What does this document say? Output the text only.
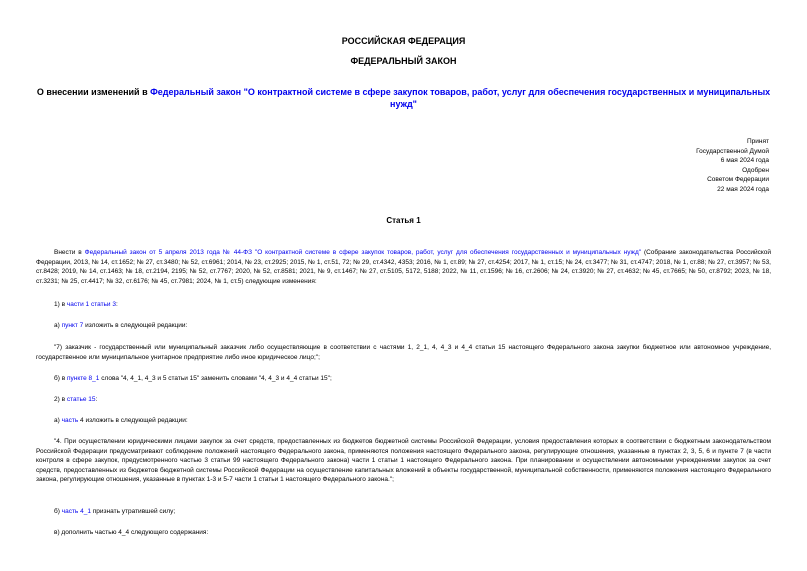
РОССИЙСКАЯ ФЕДЕРАЦИЯ
ФЕДЕРАЛЬНЫЙ ЗАКОН
О внесении изменений в Федеральный закон "О контрактной системе в сфере закупок товаров, работ, услуг для обеспечения государственных и муниципальных нужд"
Принят
Государственной Думой
6 мая 2024 года
Одобрен
Советом Федерации
22 мая 2024 года
Статья 1
Внести в Федеральный закон от 5 апреля 2013 года № 44-ФЗ "О контрактной системе в сфере закупок товаров, работ, услуг для обеспечения государственных и муниципальных нужд" (Собрание законодательства Российской Федерации, 2013, № 14, ст.1652; № 27, ст.3480; № 52, ст.6961; 2014, № 23, ст.2925; 2015, № 1, ст.51, 72; № 29, ст.4342, 4353; 2016, № 1, ст.89; № 27, ст.4254; 2017, № 1, ст.15; № 24, ст.3477; № 31, ст.4747; 2018, № 1, ст.88; № 27, ст.3957; № 53, ст.8428; 2019, № 14, ст.1463; № 18, ст.2194, 2195; № 52, ст.7767; 2020, № 52, ст.8581; 2021, № 9, ст.1467; № 27, ст.5105, 5172, 5188; 2022, № 11, ст.1596; № 16, ст.2606; № 24, ст.3920; № 27, ст.4632; № 45, ст.7665; № 50, ст.8792; 2023, № 18, ст.3231; № 25, ст.4417; № 32, ст.6176; № 45, ст.7981; 2024, № 1, ст.5) следующие изменения:
1) в части 1 статьи 3:
а) пункт 7 изложить в следующей редакции:
"7) заказчик - государственный или муниципальный заказчик либо осуществляющие в соответствии с частями 1, 2_1, 4, 4_3 и 4_4 статьи 15 настоящего Федерального закона закупки бюджетное или автономное учреждение, государственное или муниципальное унитарное предприятие либо иное юридическое лицо;";
б) в пункте 8_1 слова "4, 4_1, 4_3 и 5 статьи 15" заменить словами "4, 4_3 и 4_4 статьи 15";
2) в статье 15:
а) часть 4 изложить в следующей редакции:
"4. При осуществлении юридическими лицами закупок за счет средств, предоставленных из бюджетов бюджетной системы Российской Федерации, условия предоставления которых в соответствии с бюджетным законодательством Российской Федерации предусматривают соблюдение положений настоящего Федерального закона, применяются положения настоящего Федерального закона, регулирующие отношения, указанные в пунктах 2, 3, 5, 6 и пункте 7 (в части контроля в сфере закупок, предусмотренного частью 3 статьи 99 настоящего Федерального закона) части 1 статьи 1 настоящего Федерального закона. При планировании и осуществлении автономными учреждениями закупок за счет средств, предоставленных из бюджетов бюджетной системы Российской Федерации на осуществление капитальных вложений в объекты государственной, муниципальной собственности, применяются положения настоящего Федерального закона, регулирующие отношения, указанные в пунктах 1-3 и 5-7 части 1 статьи 1 настоящего Федерального закона.";
б) часть 4_1 признать утратившей силу;
в) дополнить частью 4_4 следующего содержания:
